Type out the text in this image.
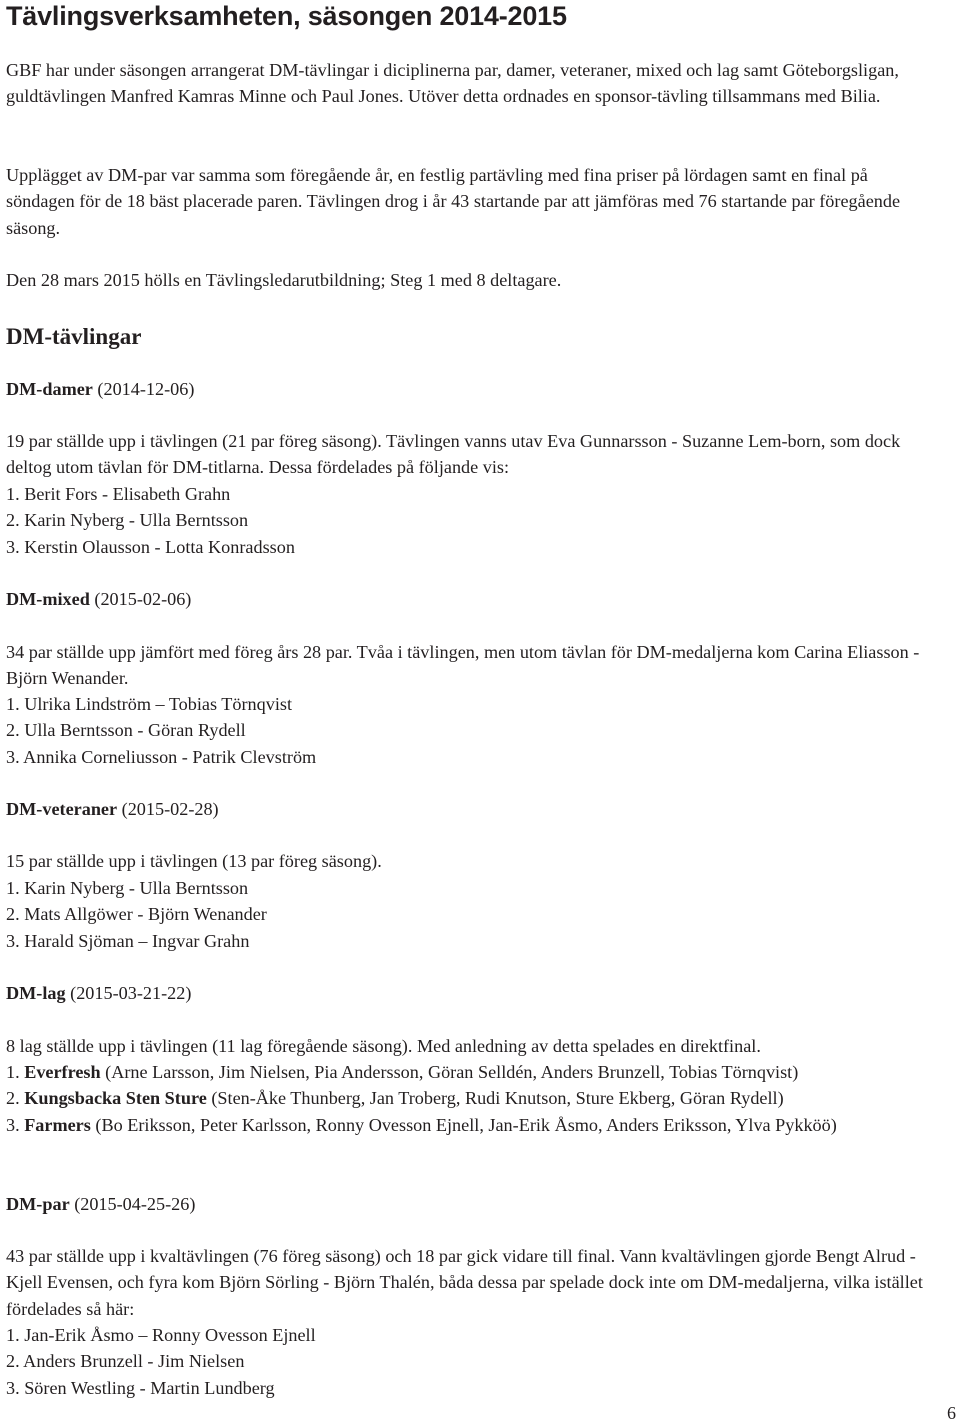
Tävlingsverksamheten, säsongen 2014-2015

GBF har under säsongen arrangerat DM-tävlingar i diciplinerna par, damer, veteraner, mixed och lag samt Göteborgsligan, guldtävlingen Manfred Kamras Minne och Paul Jones. Utöver detta ordnades en sponsor-tävling tillsammans med Bilia.

Upplägget av DM-par var samma som föregående år, en festlig partävling med fina priser på lördagen samt en final på söndagen för de 18 bäst placerade paren. Tävlingen drog i år 43 startande par att jämföras med 76 startande par föregående säsong.

Den 28 mars 2015 hölls en Tävlingsledarutbildning; Steg 1 med 8 deltagare.

DM-tävlingar
DM-damer (2014-12-06)

19 par ställde upp i tävlingen (21 par föreg säsong). Tävlingen vanns utav Eva Gunnarsson - Suzanne Lem-born, som dock deltog utom tävlan för DM-titlarna. Dessa fördelades på följande vis:

1. Berit Fors - Elisabeth Grahn
2. Karin Nyberg - Ulla Berntsson
3. Kerstin Olausson - Lotta Konradsson
DM-mixed (2015-02-06)

34 par ställde upp jämfört med föreg års 28 par. Tvåa i tävlingen, men utom tävlan för DM-medaljerna kom Carina Eliasson - Björn Wenander.

1. Ulrika Lindström – Tobias Törnqvist
2. Ulla Berntsson - Göran Rydell
3. Annika Corneliusson - Patrik Clevström
DM-veteraner (2015-02-28)

15 par ställde upp i tävlingen (13 par föreg säsong).

1. Karin Nyberg - Ulla Berntsson
2. Mats Allgöwer - Björn Wenander
3. Harald Sjöman – Ingvar Grahn
DM-lag (2015-03-21-22)

8 lag ställde upp i tävlingen (11 lag föregående säsong). Med anledning av detta spelades en direktfinal.

1. Everfresh (Arne Larsson, Jim Nielsen, Pia Andersson, Göran Selldén, Anders Brunzell, Tobias Törnqvist)
2. Kungsbacka Sten Sture (Sten-Åke Thunberg, Jan Troberg, Rudi Knutson, Sture Ekberg, Göran Rydell)
3. Farmers (Bo Eriksson, Peter Karlsson, Ronny Ovesson Ejnell, Jan-Erik Åsmo, Anders Eriksson, Ylva Pykköö)
DM-par (2015-04-25-26)

43 par ställde upp i kvaltävlingen (76 föreg säsong) och 18 par gick vidare till final. Vann kvaltävlingen gjorde Bengt Alrud - Kjell Evensen, och fyra kom Björn Sörling - Björn Thalén, båda dessa par spelade dock inte om DM-medaljerna, vilka istället fördelades så här:

1. Jan-Erik Åsmo – Ronny Ovesson Ejnell
2. Anders Brunzell - Jim Nielsen
3. Sören Westling - Martin Lundberg
6
